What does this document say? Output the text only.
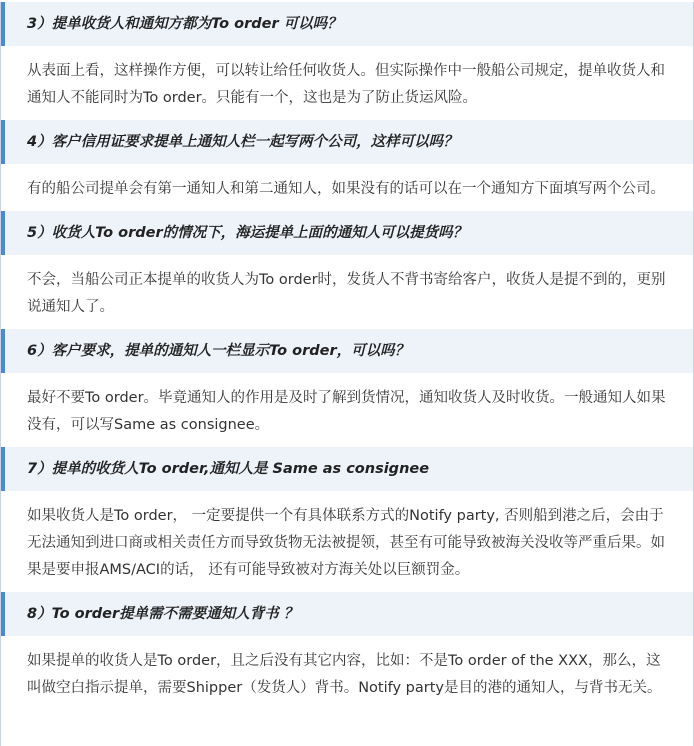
3）提单收货人和通知方都为To order 可以吗？

从表面上看，这样操作方便，可以转让给任何收货人。但实际操作中一般船公司规定，提单收货人和通知人不能同时为To order。只能有一个，这也是为了防止货运风险。

4）客户信用证要求提单上通知人栏一起写两个公司，这样可以吗？

有的船公司提单会有第一通知人和第二通知人，如果没有的话可以在一个通知方下面填写两个公司。

5）收货人To order的情况下，海运提单上面的通知人可以提货吗？

不会，当船公司正本提单的收货人为To order时，发货人不背书寄给客户，收货人是提不到的，更别说通知人了。

6）客户要求，提单的通知人一栏显示To order，可以吗？

最好不要To order。毕竟通知人的作用是及时了解到货情况，通知收货人及时收货。一般通知人如果没有，可以写Same as consignee。

7）提单的收货人To order,通知人是 Same as consignee

如果收货人是To order， 一定要提供一个有具体联系方式的Notify party, 否则船到港之后，会由于无法通知到进口商或相关责任方而导致货物无法被提领，甚至有可能导致被海关没收等严重后果。如果是要申报AMS/ACI的话， 还有可能导致被对方海关处以巨额罚金。

8）To order提单需不需要通知人背书 ？

如果提单的收货人是To order，且之后没有其它内容，比如：不是To order of the XXX，那么，这叫做空白指示提单，需要Shipper（发货人）背书。Notify party是目的港的通知人，与背书无关。
